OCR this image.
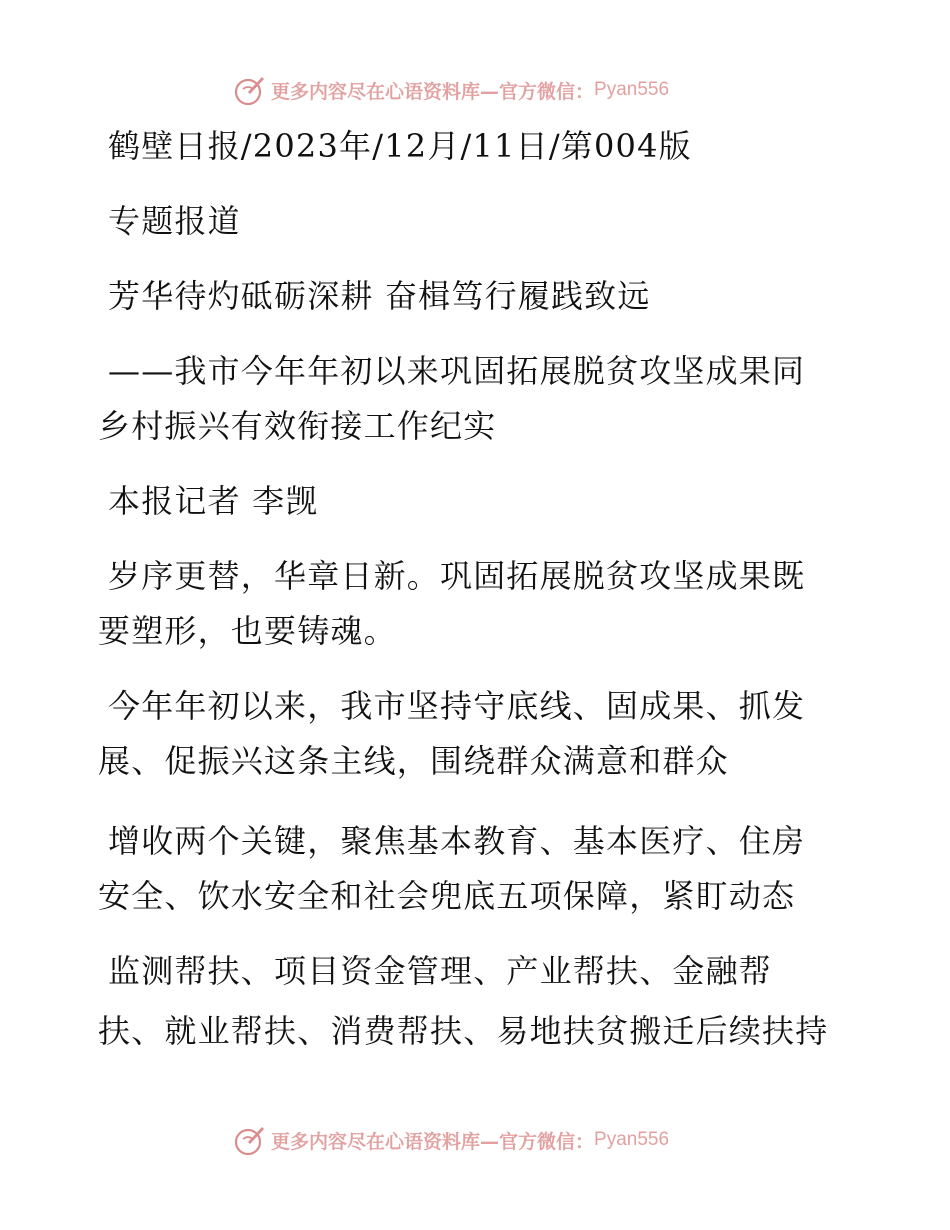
更多内容尽在心语资料库—官方微信： Pyan556
鹤壁日报/2023年/12月/11日/第004版
专题报道
芳华待灼砥砺深耕 奋楫笃行履践致远
——我市今年年初以来巩固拓展脱贫攻坚成果同
乡村振兴有效衔接工作纪实
本报记者 李觊
岁序更替，华章日新。巩固拓展脱贫攻坚成果既
要塑形，也要铸魂。
今年年初以来，我市坚持守底线、固成果、抓发
展、促振兴这条主线，围绕群众满意和群众
增收两个关键，聚焦基本教育、基本医疗、住房
安全、饮水安全和社会兜底五项保障，紧盯动态
监测帮扶、项目资金管理、产业帮扶、金融帮
扶、就业帮扶、消费帮扶、易地扶贫搬迁后续扶持
更多内容尽在心语资料库—官方微信： Pyan556
